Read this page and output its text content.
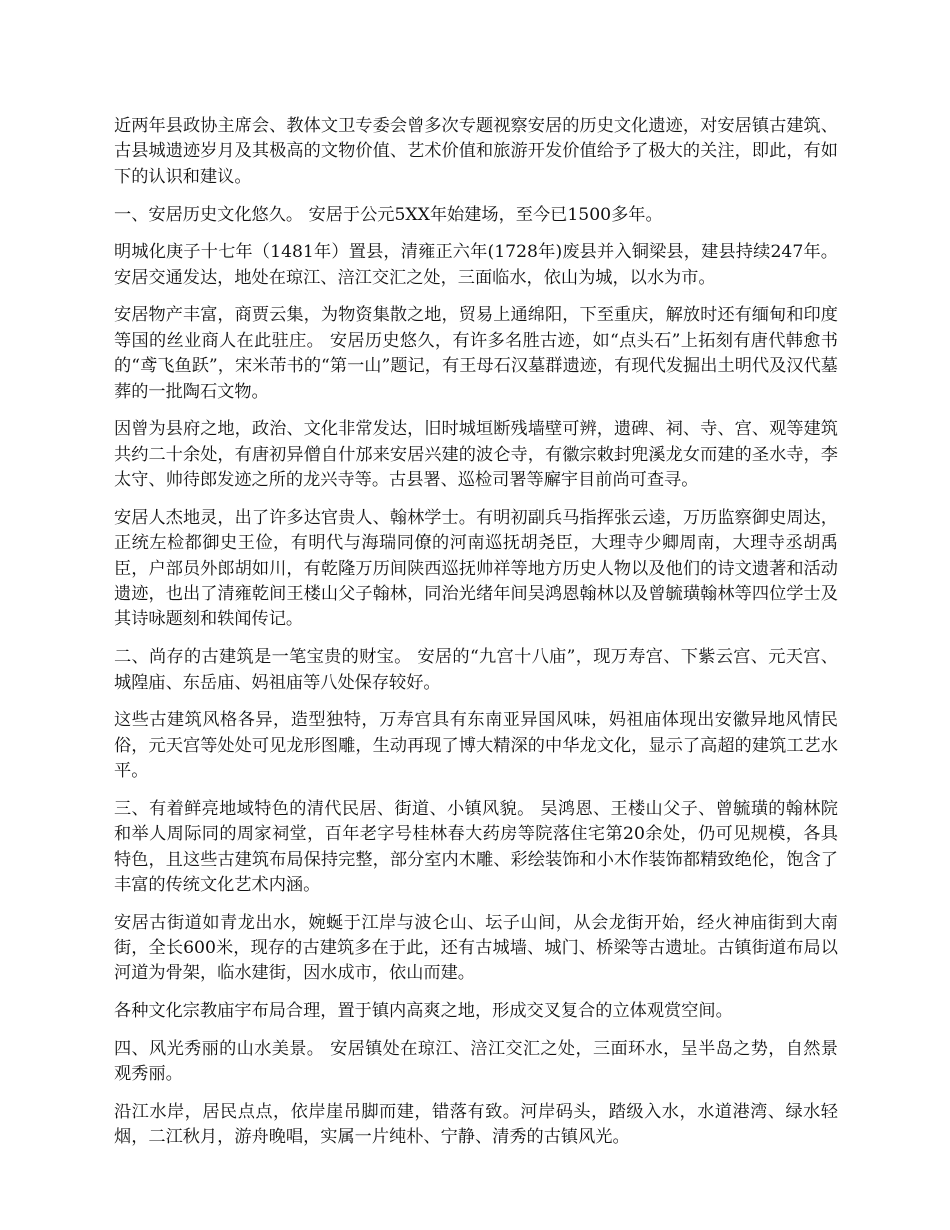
近两年县政协主席会、教体文卫专委会曾多次专题视察安居的历史文化遗迹，对安居镇古建筑、古县城遗迹岁月及其极高的文物价值、艺术价值和旅游开发价值给予了极大的关注，即此，有如下的认识和建议。

一、安居历史文化悠久。 安居于公元5XX年始建场，至今已1500多年。

明城化庚子十七年（1481年）置县，清雍正六年(1728年)废县并入铜梁县，建县持续247年。 安居交通发达，地处在琼江、涪江交汇之处，三面临水，依山为城，以水为市。

安居物产丰富，商贾云集，为物资集散之地，贸易上通绵阳，下至重庆，解放时还有缅甸和印度等国的丝业商人在此驻庄。 安居历史悠久，有许多名胜古迹，如“点头石”上拓刻有唐代韩愈书的“鸢飞鱼跃”，宋米芾书的“第一山”题记，有王母石汉墓群遗迹，有现代发掘出土明代及汉代墓葬的一批陶石文物。

因曾为县府之地，政治、文化非常发达，旧时城垣断残墙壁可辨，遗碑、祠、寺、宫、观等建筑共约二十余处，有唐初异僧自什邡来安居兴建的波仑寺，有徽宗敕封兜溪龙女而建的圣水寺，李太守、帅待郎发迹之所的龙兴寺等。古县署、巡检司署等廨宇目前尚可查寻。

安居人杰地灵，出了许多达官贵人、翰林学士。有明初副兵马指挥张云逵，万历监察御史周达，正统左检都御史王俭，有明代与海瑞同僚的河南巡抚胡尧臣，大理寺少卿周南，大理寺丞胡禹臣，户部员外郎胡如川，有乾隆万历间陕西巡抚帅祥等地方历史人物以及他们的诗文遗著和活动遗迹，也出了清雍乾间王楼山父子翰林，同治光绪年间吴鸿恩翰林以及曾毓璜翰林等四位学士及其诗咏题刻和轶闻传记。

二、尚存的古建筑是一笔宝贵的财宝。 安居的“九宫十八庙”，现万寿宫、下紫云宫、元天宫、城隍庙、东岳庙、妈祖庙等八处保存较好。

这些古建筑风格各异，造型独特，万寿宫具有东南亚异国风味，妈祖庙体现出安徽异地风情民俗，元天宫等处处可见龙形图雕，生动再现了博大精深的中华龙文化，显示了高超的建筑工艺水平。

三、有着鲜亮地域特色的清代民居、街道、小镇风貌。 吴鸿恩、王楼山父子、曾毓璜的翰林院和举人周际同的周家祠堂，百年老字号桂林春大药房等院落住宅第20余处，仍可见规模，各具特色，且这些古建筑布局保持完整，部分室内木雕、彩绘装饰和小木作装饰都精致绝伦，饱含了丰富的传统文化艺术内涵。

安居古街道如青龙出水，婉蜒于江岸与波仑山、坛子山间，从会龙街开始，经火神庙街到大南街，全长600米，现存的古建筑多在于此，还有古城墙、城门、桥梁等古遗址。古镇街道布局以河道为骨架，临水建街，因水成市，依山而建。

各种文化宗教庙宇布局合理，置于镇内高爽之地，形成交叉复合的立体观赏空间。

四、风光秀丽的山水美景。 安居镇处在琼江、涪江交汇之处，三面环水，呈半岛之势，自然景观秀丽。

沿江水岸，居民点点，依岸崖吊脚而建，错落有致。河岸码头，踏级入水，水道港湾、绿水轻烟，二江秋月，游舟晚唱，实属一片纯朴、宁静、清秀的古镇风光。
